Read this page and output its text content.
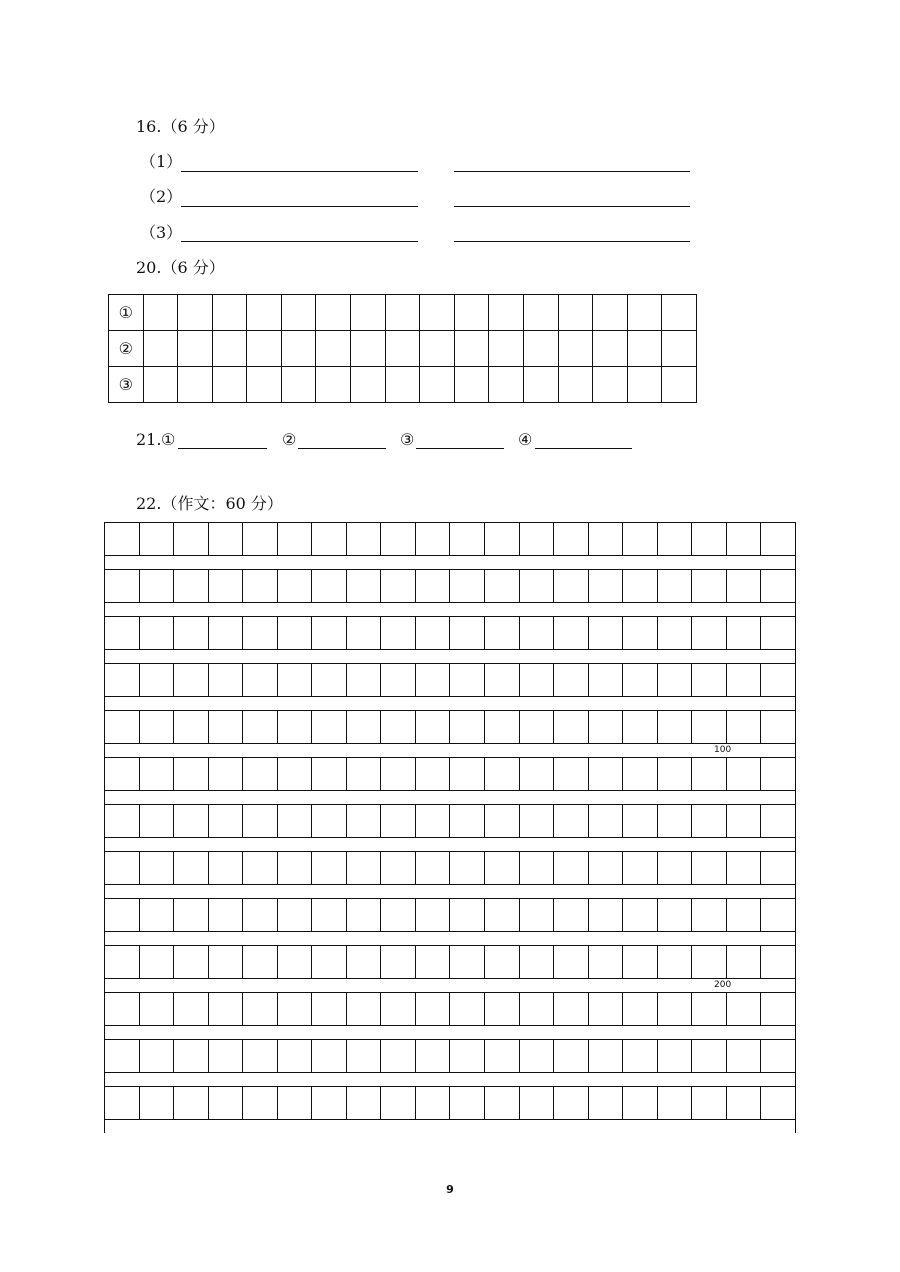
16.（6 分）
（1）
（2）
（3）
20.（6 分）
①																
②																
③																
21. ①	②	③	④
22.（作文：60 分）
100
200
9
